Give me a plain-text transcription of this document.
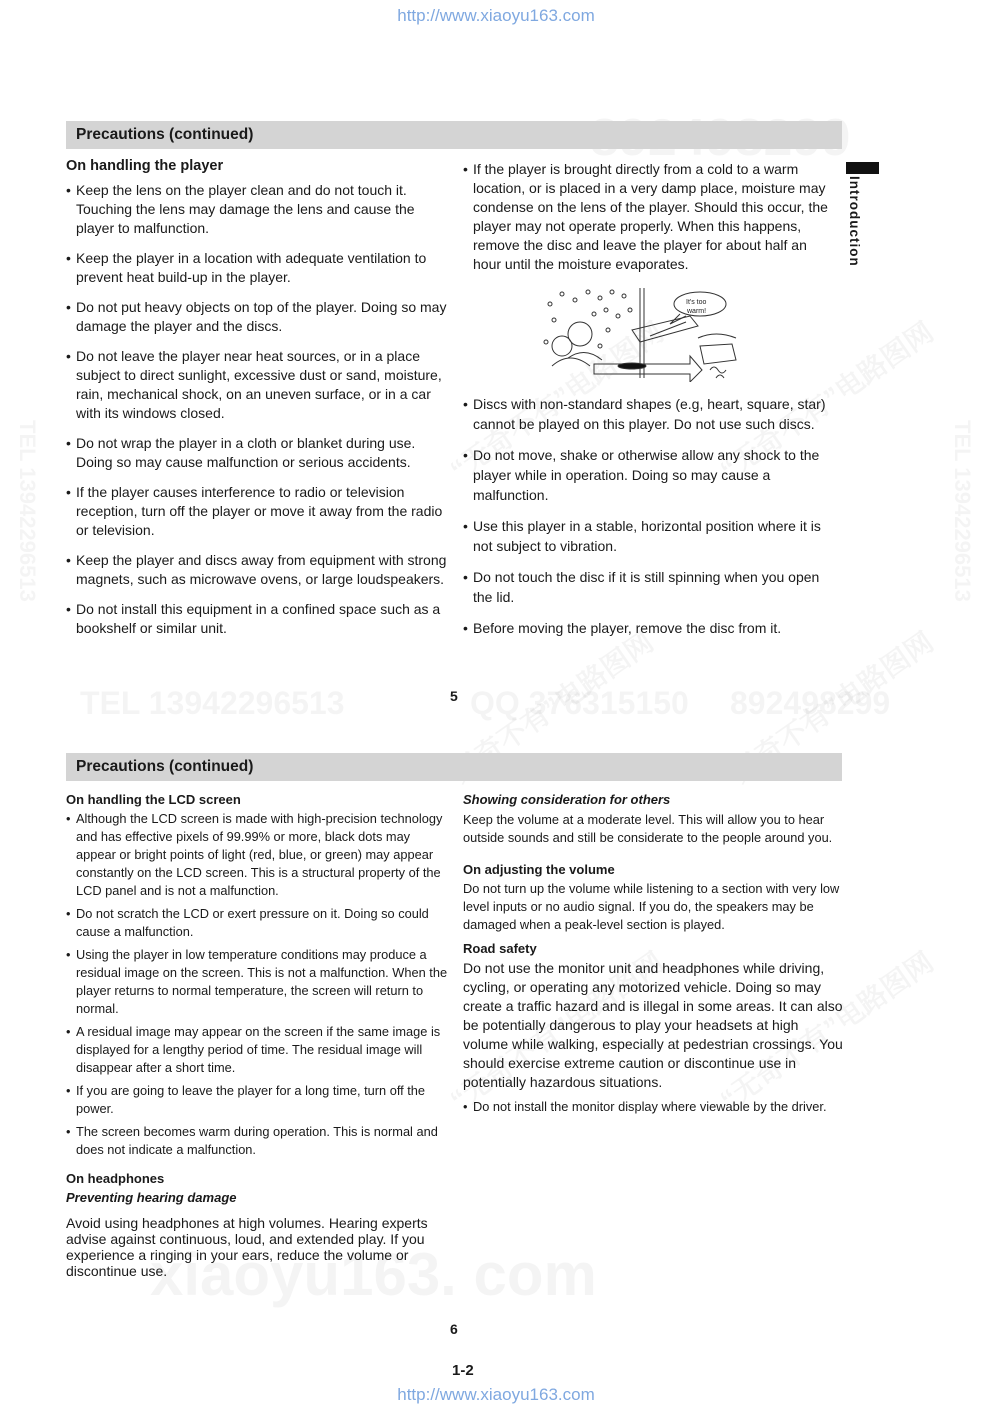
http://www.xiaoyu163.com
http://www.xiaoyu163.com
Introduction
Precautions (continued)
On handling the player
• Keep the lens on the player clean and do not touch it. Touching the lens may damage the lens and cause the player to malfunction.
• Keep the player in a location with adequate ventilation to prevent heat build-up in the player.
• Do not put heavy objects on top of the player. Doing so may damage the player and the discs.
• Do not leave the player near heat sources, or in a place subject to direct sunlight, excessive dust or sand, moisture, rain, mechanical shock, on an uneven surface, or in a car with its windows closed.
• Do not wrap the player in a cloth or blanket during use. Doing so may cause malfunction or serious accidents.
• If the player causes interference to radio or television reception, turn off the player or move it away from the radio or television.
• Keep the player and discs away from equipment with strong magnets, such as microwave ovens, or large loudspeakers.
• Do not install this equipment in a confined space such as a bookshelf or similar unit.
• If the player is brought directly from a cold to a warm location, or is placed in a very damp place, moisture may condense on the lens of the player. Should this occur, the player may not operate properly. When this happens, remove the disc and leave the player for about half an hour until the moisture evaporates.
It's too
warm!
• Discs with non-standard shapes (e.g, heart, square, star) cannot be played on this player. Do not use such discs.
• Do not move, shake or otherwise allow any shock to the player while in operation. Doing so may cause a malfunction.
• Use this player in a stable, horizontal position where it is not subject to vibration.
• Do not touch the disc if it is still spinning when you open the lid.
• Before moving the player, remove the disc from it.
5
Precautions (continued)
On handling the LCD screen
• Although the LCD screen is made with high-precision technology and has effective pixels of 99.99% or more, black dots may appear or bright points of light (red, blue, or green) may appear constantly on the LCD screen. This is a structural property of the LCD panel and is not a malfunction.
• Do not scratch the LCD or exert pressure on it. Doing so could cause a malfunction.
• Using the player in low temperature conditions may produce a residual image on the screen. This is not a malfunction. When the player returns to normal temperature, the screen will return to normal.
• A residual image may appear on the screen if the same image is displayed for a lengthy period of time. The residual image will disappear after a short time.
• If you are going to leave the player for a long time, turn off the power.
• The screen becomes warm during operation. This is normal and does not indicate a malfunction.
On headphones
Preventing hearing damage
Avoid using headphones at high volumes. Hearing experts advise against continuous, loud, and extended play. If you experience a ringing in your ears, reduce the volume or discontinue use.
Showing consideration for others
Keep the volume at a moderate level. This will allow you to hear outside sounds and still be considerate to the people around you.
On adjusting the volume
Do not turn up the volume while listening to a section with very low level inputs or no audio signal. If you do, the speakers may be damaged when a peak-level section is played.
Road safety
Do not use the monitor unit and headphones while driving, cycling, or operating any motorized vehicle. Doing so may create a traffic hazard and is illegal in some areas. It can also be potentially dangerous to play your headsets at high volume while walking, especially at pedestrian crossings. You should exercise extreme caution or discontinue use in potentially hazardous situations.
• Do not install the monitor display where viewable by the driver.
6
1-2
